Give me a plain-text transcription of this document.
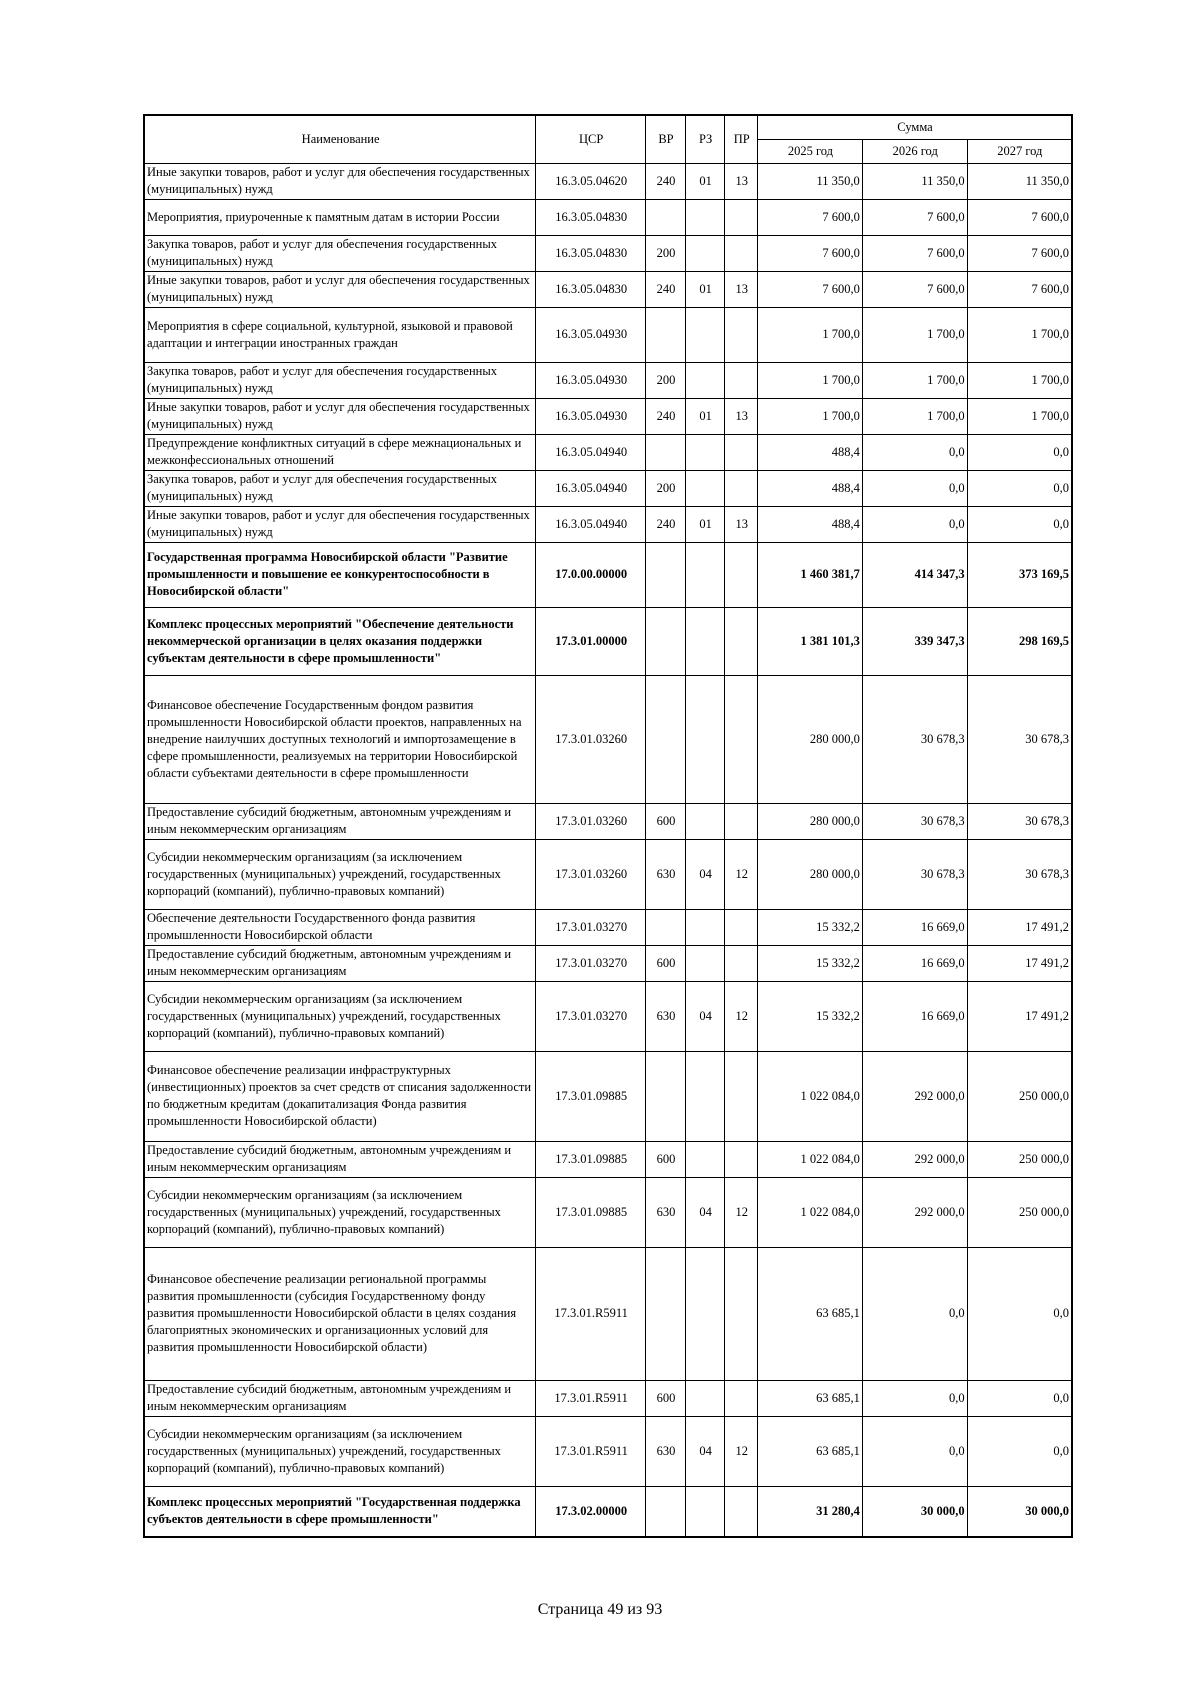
Наименование	ЦСР	ВР	РЗ	ПР	Сумма		
					2025 год	2026 год	2027 год
Иные закупки товаров, работ и услуг для обеспечения государственных (муниципальных) нужд	16.3.05.04620	240	01	13	11 350,0	11 350,0	11 350,0
Мероприятия, приуроченные к памятным датам в истории России	16.3.05.04830				7 600,0	7 600,0	7 600,0
Закупка товаров, работ и услуг для обеспечения государственных (муниципальных) нужд	16.3.05.04830	200			7 600,0	7 600,0	7 600,0
Иные закупки товаров, работ и услуг для обеспечения государственных (муниципальных) нужд	16.3.05.04830	240	01	13	7 600,0	7 600,0	7 600,0
Мероприятия в сфере социальной, культурной, языковой и правовой адаптации и интеграции иностранных граждан	16.3.05.04930				1 700,0	1 700,0	1 700,0
Закупка товаров, работ и услуг для обеспечения государственных (муниципальных) нужд	16.3.05.04930	200			1 700,0	1 700,0	1 700,0
Иные закупки товаров, работ и услуг для обеспечения государственных (муниципальных) нужд	16.3.05.04930	240	01	13	1 700,0	1 700,0	1 700,0
Предупреждение конфликтных ситуаций в сфере межнациональных и межконфессиональных отношений	16.3.05.04940				488,4	0,0	0,0
Закупка товаров, работ и услуг для обеспечения государственных (муниципальных) нужд	16.3.05.04940	200			488,4	0,0	0,0
Иные закупки товаров, работ и услуг для обеспечения государственных (муниципальных) нужд	16.3.05.04940	240	01	13	488,4	0,0	0,0
Государственная программа Новосибирской области "Развитие промышленности и повышение ее конкурентоспособности в Новосибирской области"	17.0.00.00000				1 460 381,7	414 347,3	373 169,5
Комплекс процессных мероприятий "Обеспечение деятельности некоммерческой организации в целях оказания поддержки субъектам деятельности в сфере промышленности"	17.3.01.00000				1 381 101,3	339 347,3	298 169,5
Финансовое обеспечение Государственным фондом развития промышленности Новосибирской области проектов, направленных на внедрение наилучших доступных технологий и импортозамещение в сфере промышленности, реализуемых на территории Новосибирской области субъектами деятельности в сфере промышленности	17.3.01.03260				280 000,0	30 678,3	30 678,3
Предоставление субсидий бюджетным, автономным учреждениям и иным некоммерческим организациям	17.3.01.03260	600			280 000,0	30 678,3	30 678,3
Субсидии некоммерческим организациям (за исключением государственных (муниципальных) учреждений, государственных корпораций (компаний), публично-правовых компаний)	17.3.01.03260	630	04	12	280 000,0	30 678,3	30 678,3
Обеспечение деятельности Государственного фонда развития промышленности Новосибирской области	17.3.01.03270				15 332,2	16 669,0	17 491,2
Предоставление субсидий бюджетным, автономным учреждениям и иным некоммерческим организациям	17.3.01.03270	600			15 332,2	16 669,0	17 491,2
Субсидии некоммерческим организациям (за исключением государственных (муниципальных) учреждений, государственных корпораций (компаний), публично-правовых компаний)	17.3.01.03270	630	04	12	15 332,2	16 669,0	17 491,2
Финансовое обеспечение реализации инфраструктурных (инвестиционных) проектов за счет средств от списания задолженности по бюджетным кредитам (докапитализация Фонда развития промышленности Новосибирской области)	17.3.01.09885				1 022 084,0	292 000,0	250 000,0
Предоставление субсидий бюджетным, автономным учреждениям и иным некоммерческим организациям	17.3.01.09885	600			1 022 084,0	292 000,0	250 000,0
Субсидии некоммерческим организациям (за исключением государственных (муниципальных) учреждений, государственных корпораций (компаний), публично-правовых компаний)	17.3.01.09885	630	04	12	1 022 084,0	292 000,0	250 000,0
Финансовое обеспечение реализации региональной программы развития промышленности (субсидия Государственному фонду развития промышленности Новосибирской области в целях создания благоприятных экономических и организационных условий для развития промышленности Новосибирской области)	17.3.01.R5911				63 685,1	0,0	0,0
Предоставление субсидий бюджетным, автономным учреждениям и иным некоммерческим организациям	17.3.01.R5911	600			63 685,1	0,0	0,0
Субсидии некоммерческим организациям (за исключением государственных (муниципальных) учреждений, государственных корпораций (компаний), публично-правовых компаний)	17.3.01.R5911	630	04	12	63 685,1	0,0	0,0
Комплекс процессных мероприятий "Государственная поддержка субъектов деятельности в сфере промышленности"	17.3.02.00000				31 280,4	30 000,0	30 000,0
Страница 49 из 93
